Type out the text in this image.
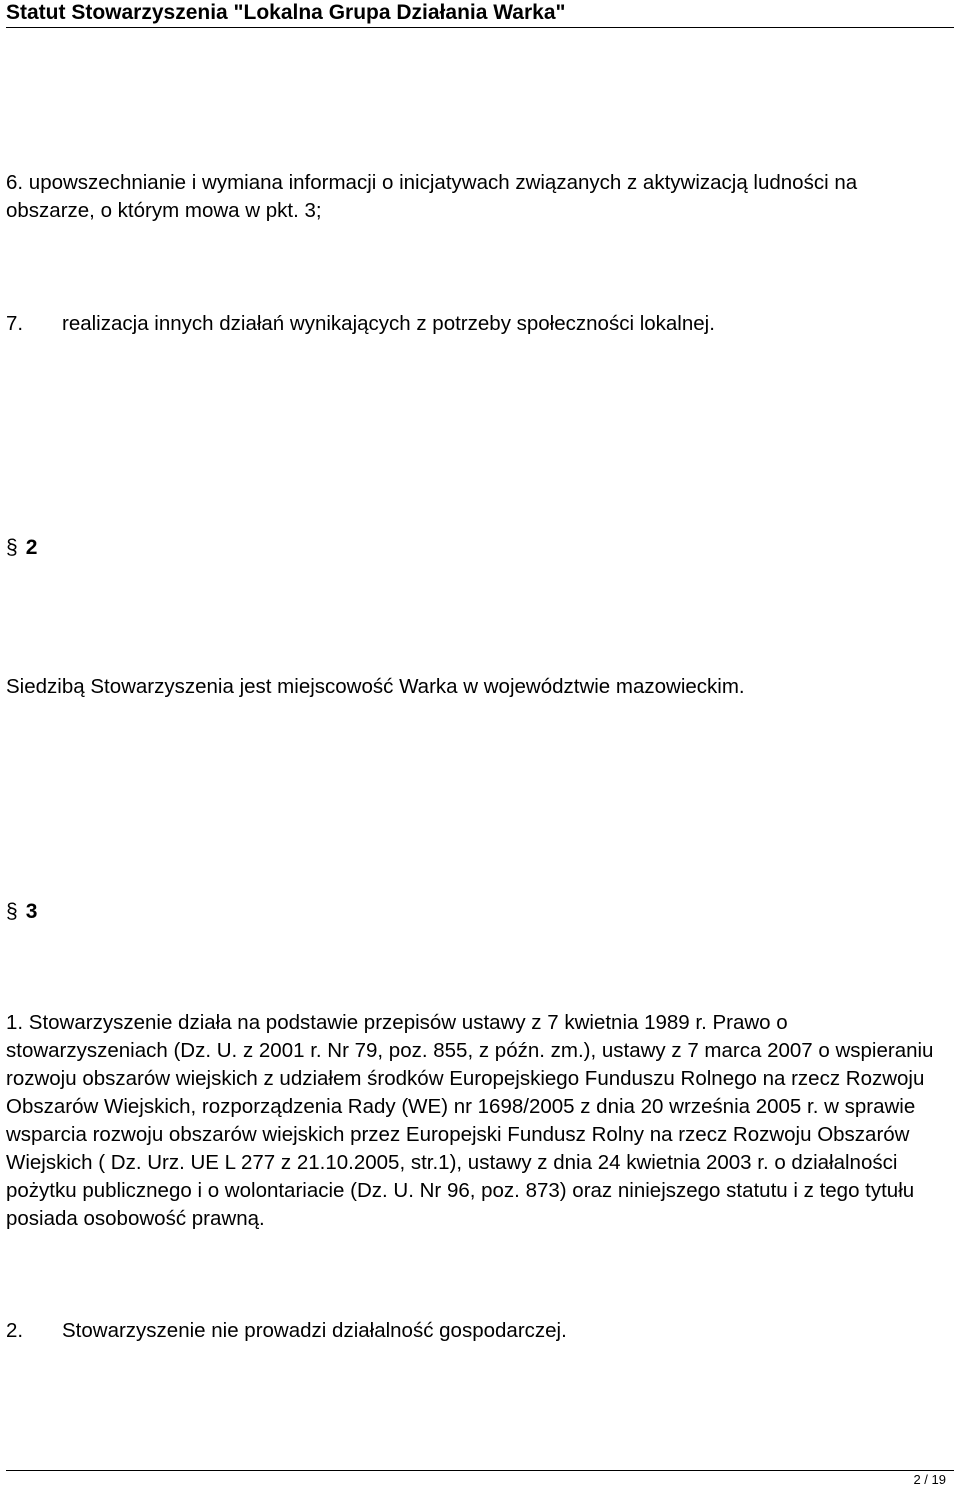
Statut Stowarzyszenia "Lokalna Grupa Działania Warka"

6. upowszechnianie i wymiana informacji o inicjatywach związanych z aktywizacją ludności na obszarze, o którym mowa w pkt. 3;

7. realizacja innych działań wynikających z potrzeby społeczności lokalnej.
§ 2

Siedzibą Stowarzyszenia jest miejscowość Warka w województwie mazowieckim.

§ 3

1. Stowarzyszenie działa na podstawie przepisów ustawy z 7 kwietnia 1989 r. Prawo o stowarzyszeniach (Dz. U. z 2001 r. Nr 79, poz. 855, z późn. zm.), ustawy z 7 marca 2007 o wspieraniu rozwoju obszarów wiejskich z udziałem środków Europejskiego Funduszu Rolnego na rzecz Rozwoju Obszarów Wiejskich, rozporządzenia Rady (WE) nr 1698/2005 z dnia 20 września 2005 r. w sprawie wsparcia rozwoju obszarów wiejskich przez Europejski Fundusz Rolny na rzecz Rozwoju Obszarów Wiejskich ( Dz. Urz. UE L 277 z 21.10.2005, str.1), ustawy z dnia 24 kwietnia 2003 r. o działalności pożytku publicznego i o wolontariacie (Dz. U. Nr 96, poz. 873) oraz niniejszego statutu i z tego tytułu posiada osobowość prawną.

2. Stowarzyszenie nie prowadzi działalność gospodarczej.
2 / 19
